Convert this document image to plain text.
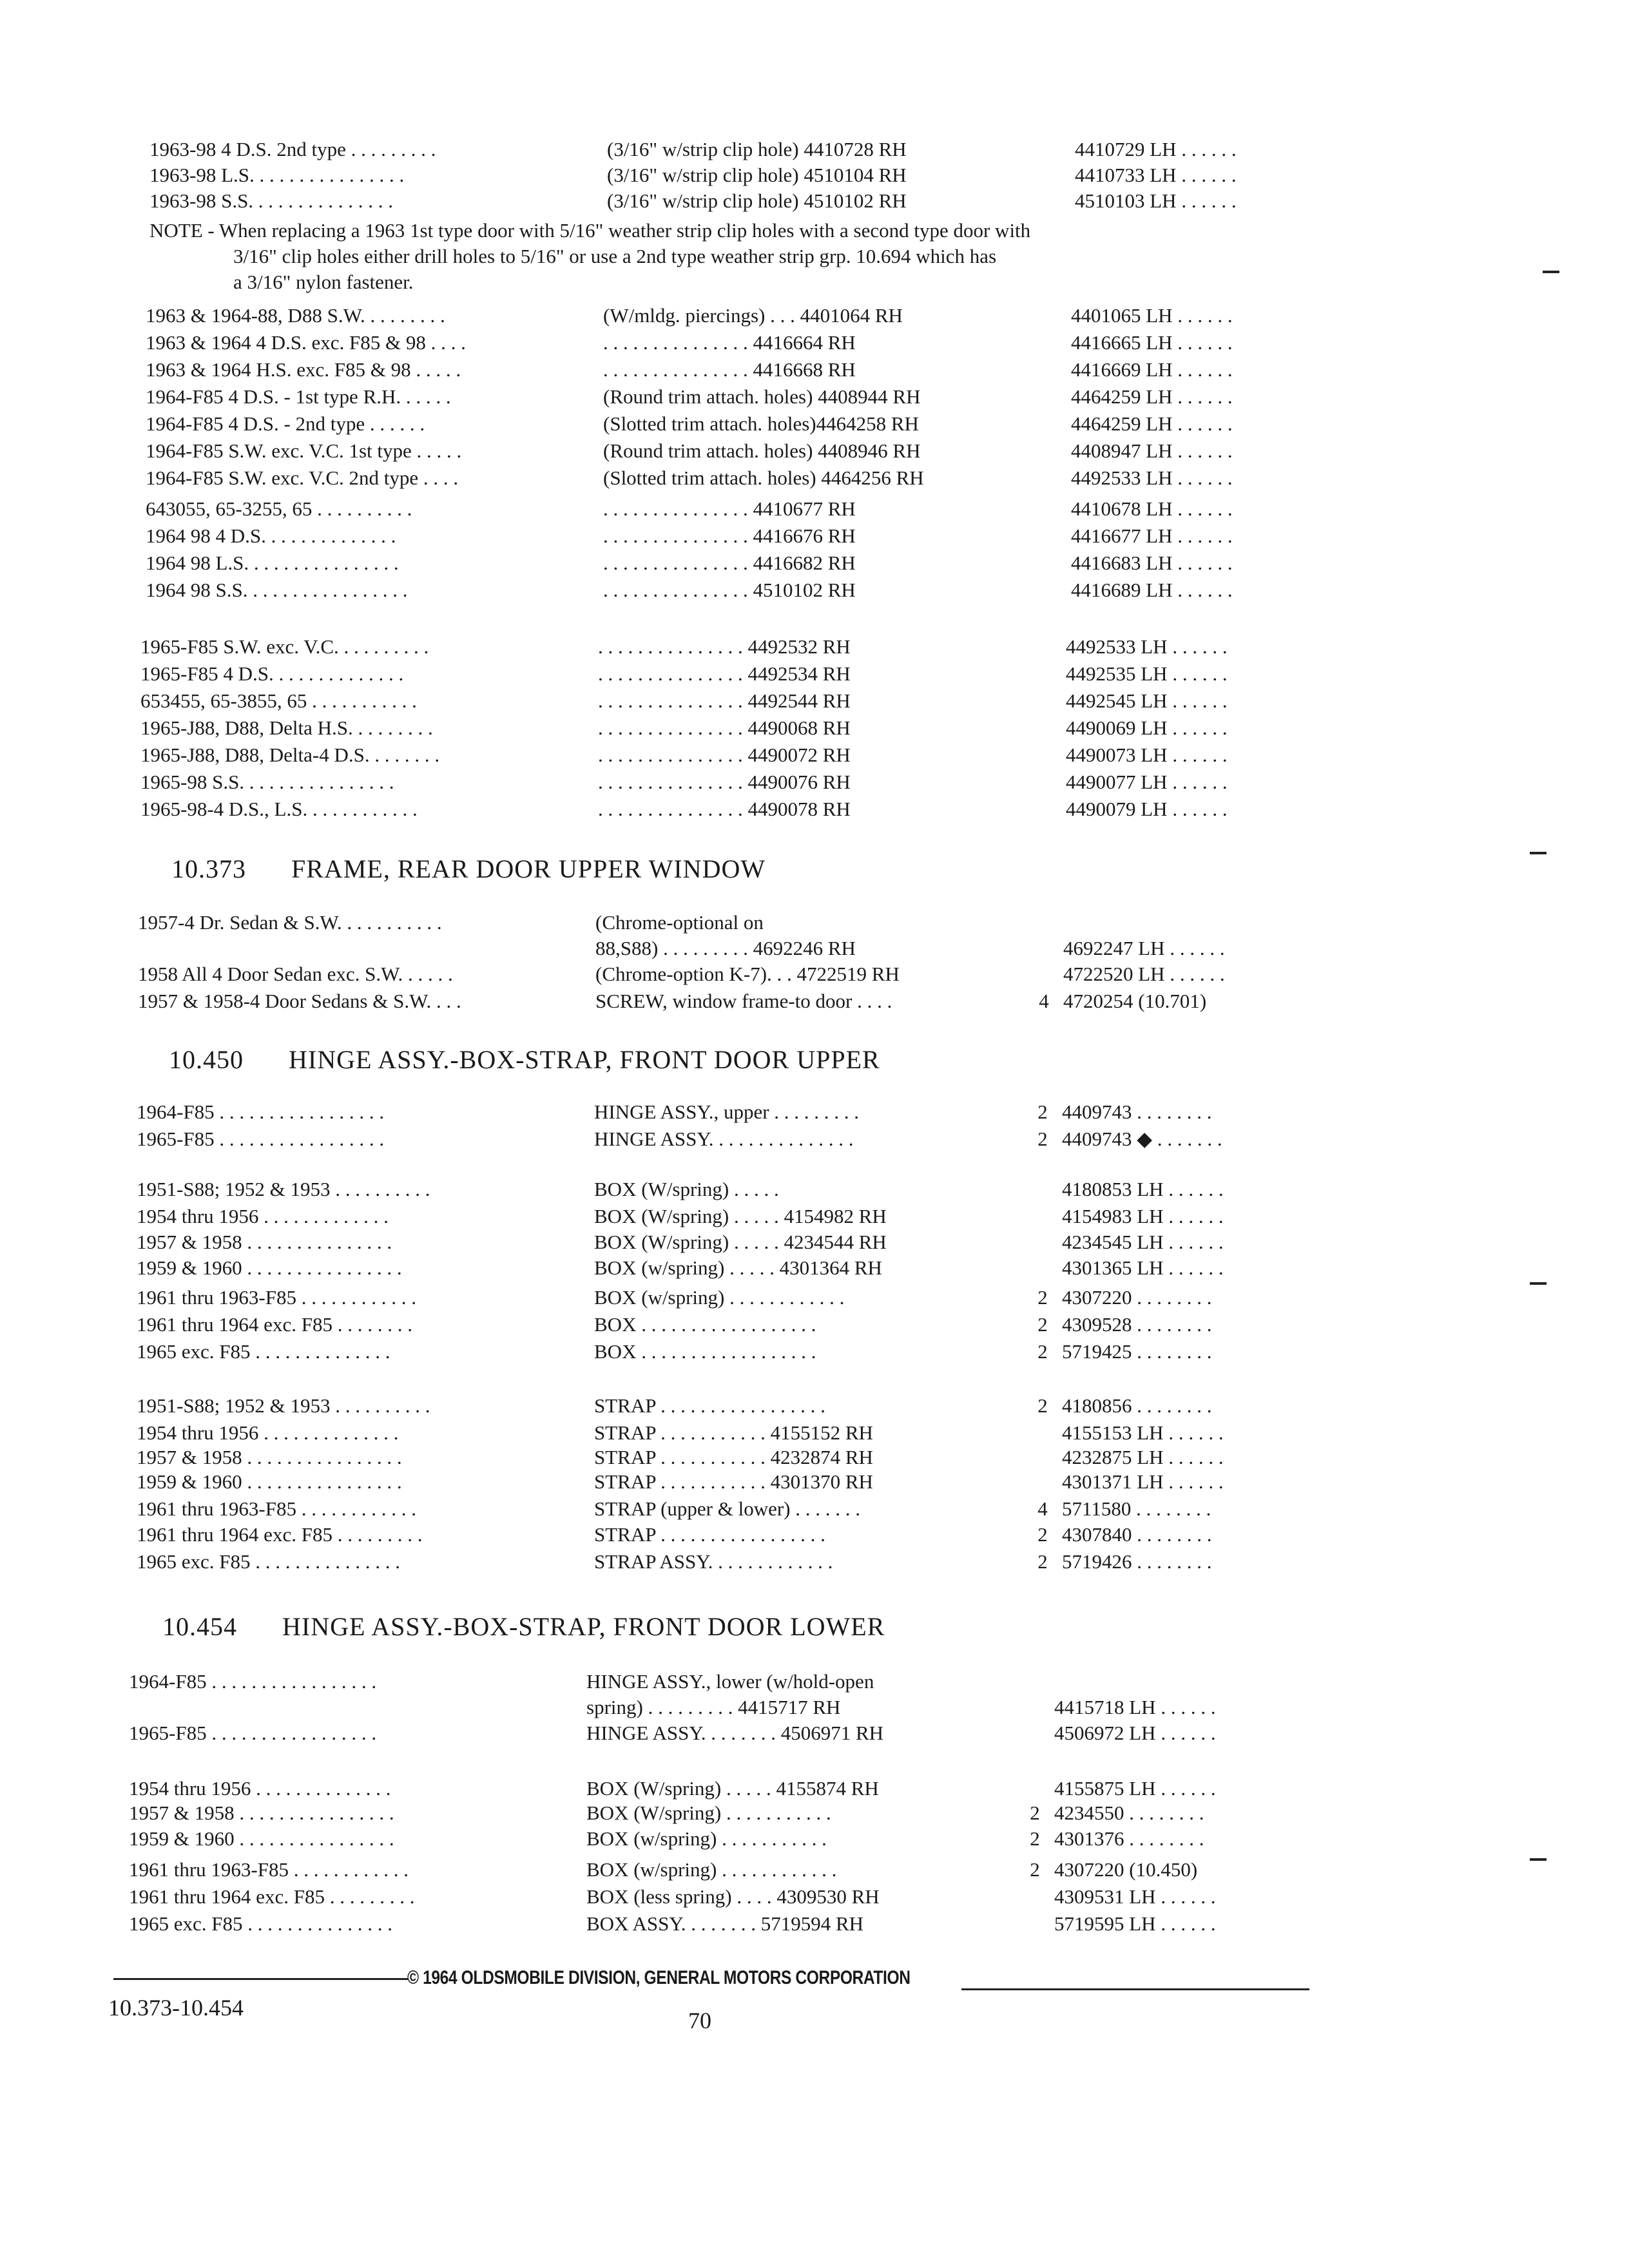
1963-98 4 D.S. 2nd type . . . . . . . . .	(3/16" w/strip clip hole) 4410728 RH	4410729 LH . . . . . .
1963-98 L.S. . . . . . . . . . . . . . . .	(3/16" w/strip clip hole) 4510104 RH	4410733 LH . . . . . .
1963-98 S.S. . . . . . . . . . . . . . .	(3/16" w/strip clip hole) 4510102 RH	4510103 LH . . . . . .
NOTE - When replacing a 1963 1st type door with 5/16" weather strip clip holes with a second type door with
3/16" clip holes either drill holes to 5/16" or use a 2nd type weather strip grp. 10.694 which has
a 3/16" nylon fastener.
1963 & 1964-88, D88 S.W. . . . . . . . .	(W/mldg. piercings) . . . 4401064 RH	4401065 LH . . . . . .
1963 & 1964 4 D.S. exc. F85 & 98 . . . .	. . . . . . . . . . . . . . . 4416664 RH	4416665 LH . . . . . .
1963 & 1964 H.S. exc. F85 & 98 . . . . .	. . . . . . . . . . . . . . . 4416668 RH	4416669 LH . . . . . .
1964-F85 4 D.S. - 1st type R.H. . . . . .	(Round trim attach. holes) 4408944 RH	4464259 LH . . . . . .
1964-F85 4 D.S. - 2nd type . . . . . .	(Slotted trim attach. holes)4464258 RH	4464259 LH . . . . . .
1964-F85 S.W. exc. V.C. 1st type . . . . .	(Round trim attach. holes) 4408946 RH	4408947 LH . . . . . .
1964-F85 S.W. exc. V.C. 2nd type . . . .	(Slotted trim attach. holes) 4464256 RH	4492533 LH . . . . . .
643055, 65-3255, 65 . . . . . . . . . .	. . . . . . . . . . . . . . . 4410677 RH	4410678 LH . . . . . .
1964 98 4 D.S. . . . . . . . . . . . . .	. . . . . . . . . . . . . . . 4416676 RH	4416677 LH . . . . . .
1964 98 L.S. . . . . . . . . . . . . . . .	. . . . . . . . . . . . . . . 4416682 RH	4416683 LH . . . . . .
1964 98 S.S. . . . . . . . . . . . . . . . .	. . . . . . . . . . . . . . . 4510102 RH	4416689 LH . . . . . .
1965-F85 S.W. exc. V.C. . . . . . . . . .	. . . . . . . . . . . . . . . 4492532 RH	4492533 LH . . . . . .
1965-F85 4 D.S. . . . . . . . . . . . . .	. . . . . . . . . . . . . . . 4492534 RH	4492535 LH . . . . . .
653455, 65-3855, 65 . . . . . . . . . . .	. . . . . . . . . . . . . . . 4492544 RH	4492545 LH . . . . . .
1965-J88, D88, Delta H.S. . . . . . . . .	. . . . . . . . . . . . . . . 4490068 RH	4490069 LH . . . . . .
1965-J88, D88, Delta-4 D.S. . . . . . . .	. . . . . . . . . . . . . . . 4490072 RH	4490073 LH . . . . . .
1965-98 S.S. . . . . . . . . . . . . . . .	. . . . . . . . . . . . . . . 4490076 RH	4490077 LH . . . . . .
1965-98-4 D.S., L.S. . . . . . . . . . . .	. . . . . . . . . . . . . . . 4490078 RH	4490079 LH . . . . . .
10.373 FRAME, REAR DOOR UPPER WINDOW
1957-4 Dr. Sedan & S.W. . . . . . . . . . .	(Chrome-optional on
88,S88) . . . . . . . . . 4692246 RH	4692247 LH . . . . . .
1958 All 4 Door Sedan exc. S.W. . . . . .	(Chrome-option K-7). . . 4722519 RH	4722520 LH . . . . . .
1957 & 1958-4 Door Sedans & S.W. . . .	SCREW, window frame-to door . . . .	4 4720254 (10.701)
10.450 HINGE ASSY.-BOX-STRAP, FRONT DOOR UPPER
1964-F85 . . . . . . . . . . . . . . . . .	HINGE ASSY., upper . . . . . . . . .	2 4409743 . . . . . . . .
1965-F85 . . . . . . . . . . . . . . . . .	HINGE ASSY. . . . . . . . . . . . . . .	2 4409743 ◆ . . . . . . .
1951-S88; 1952 & 1953 . . . . . . . . . .	BOX (W/spring) . . . . .	4180853 LH . . . . . .
1954 thru 1956 . . . . . . . . . . . . .	BOX (W/spring) . . . . . 4154982 RH	4154983 LH . . . . . .
1957 & 1958 . . . . . . . . . . . . . . .	BOX (W/spring) . . . . . 4234544 RH	4234545 LH . . . . . .
1959 & 1960 . . . . . . . . . . . . . . . .	BOX (w/spring) . . . . . 4301364 RH	4301365 LH . . . . . .
1961 thru 1963-F85 . . . . . . . . . . . .	BOX (w/spring) . . . . . . . . . . . .	2 4307220 . . . . . . . .
1961 thru 1964 exc. F85 . . . . . . . .	BOX . . . . . . . . . . . . . . . . . .	2 4309528 . . . . . . . .
1965 exc. F85 . . . . . . . . . . . . . .	BOX . . . . . . . . . . . . . . . . . .	2 5719425 . . . . . . . .
1951-S88; 1952 & 1953 . . . . . . . . . .	STRAP . . . . . . . . . . . . . . . . .	2 4180856 . . . . . . . .
1954 thru 1956 . . . . . . . . . . . . . .	STRAP . . . . . . . . . . . 4155152 RH	4155153 LH . . . . . .
1957 & 1958 . . . . . . . . . . . . . . . .	STRAP . . . . . . . . . . . 4232874 RH	4232875 LH . . . . . .
1959 & 1960 . . . . . . . . . . . . . . . .	STRAP . . . . . . . . . . . 4301370 RH	4301371 LH . . . . . .
1961 thru 1963-F85 . . . . . . . . . . . .	STRAP (upper & lower) . . . . . . .	4 5711580 . . . . . . . .
1961 thru 1964 exc. F85 . . . . . . . . .	STRAP . . . . . . . . . . . . . . . . .	2 4307840 . . . . . . . .
1965 exc. F85 . . . . . . . . . . . . . . .	STRAP ASSY. . . . . . . . . . . . .	2 5719426 . . . . . . . .
10.454 HINGE ASSY.-BOX-STRAP, FRONT DOOR LOWER
1964-F85 . . . . . . . . . . . . . . . . .	HINGE ASSY., lower (w/hold-open
spring) . . . . . . . . . 4415717 RH	4415718 LH . . . . . .
1965-F85 . . . . . . . . . . . . . . . . .	HINGE ASSY. . . . . . . . 4506971 RH	4506972 LH . . . . . .
1954 thru 1956 . . . . . . . . . . . . . .	BOX (W/spring) . . . . . 4155874 RH	4155875 LH . . . . . .
1957 & 1958 . . . . . . . . . . . . . . . .	BOX (W/spring) . . . . . . . . . . .	2 4234550 . . . . . . . .
1959 & 1960 . . . . . . . . . . . . . . . .	BOX (w/spring) . . . . . . . . . . .	2 4301376 . . . . . . . .
1961 thru 1963-F85 . . . . . . . . . . . .	BOX (w/spring) . . . . . . . . . . . .	2 4307220 (10.450)
1961 thru 1964 exc. F85 . . . . . . . . .	BOX (less spring) . . . . 4309530 RH	4309531 LH . . . . . .
1965 exc. F85 . . . . . . . . . . . . . . .	BOX ASSY. . . . . . . . 5719594 RH	5719595 LH . . . . . .
© 1964 OLDSMOBILE DIVISION, GENERAL MOTORS CORPORATION
10.373-10.454	70
